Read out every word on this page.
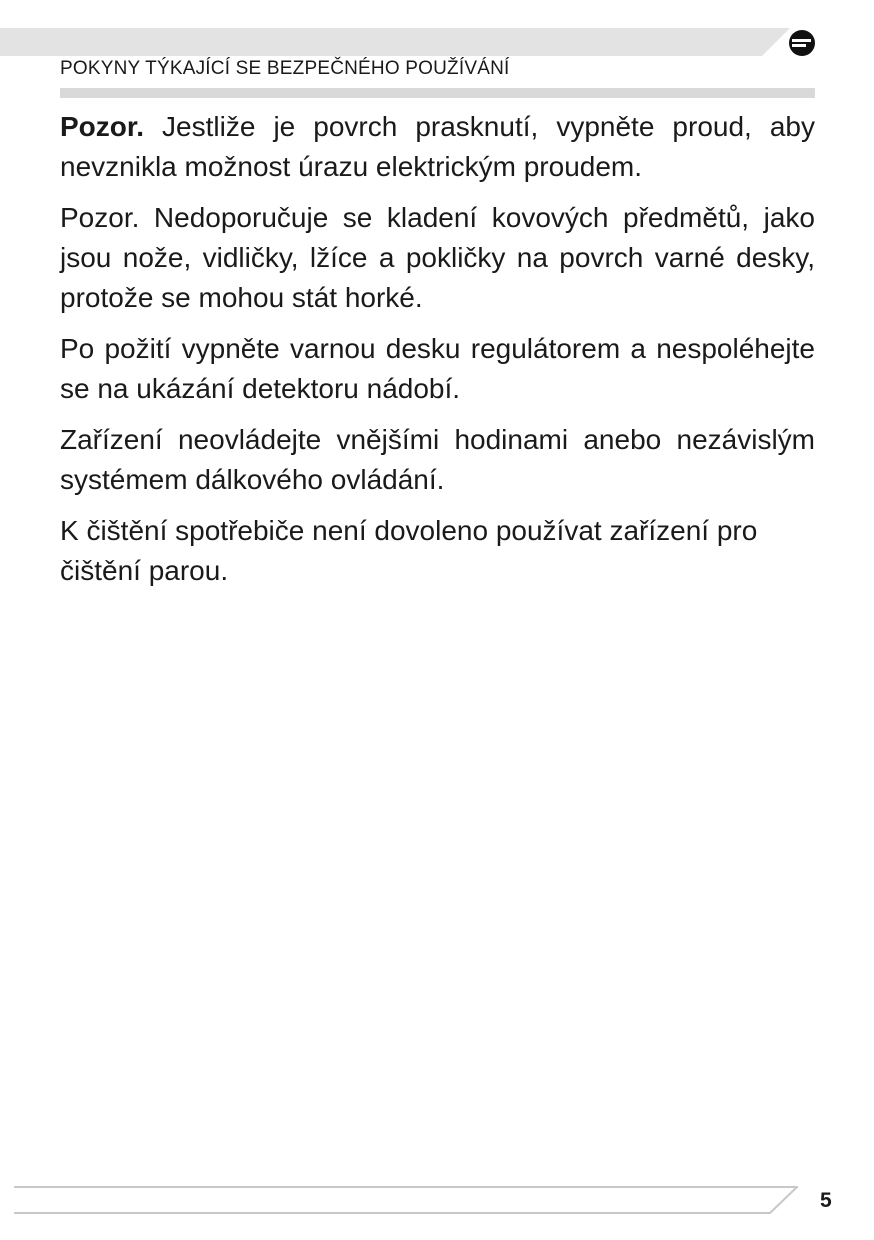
POKYNY TÝKAJÍCÍ SE BEZPEČNÉHO POUŽÍVÁNÍ

Pozor. Jestliže je povrch prasknutí, vypněte proud, aby nevznikla možnost úrazu elektrickým proudem.

Pozor. Nedoporučuje se kladení kovových předmětů, jako jsou nože, vidličky, lžíce a pokličky na povrch varné desky, protože se mohou stát horké.

Po požití vypněte varnou desku regulátorem a nespoléhejte se na ukázání detektoru nádobí.

Zařízení neovládejte vnějšími hodinami anebo nezávislým systémem dálkového ovládání.

K čištění spotřebiče není dovoleno používat zařízení pro čištění parou.

5
